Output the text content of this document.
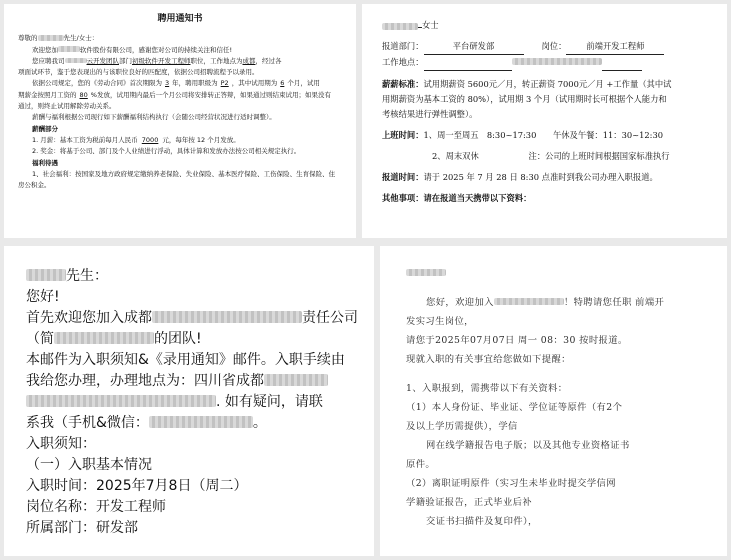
聘用通知书
尊敬的	先生/女士：
欢迎您加	软件股份有限公司，感谢您对公司的持续关注和信任!
您应聘我司	云开发团队部门初级软件开发工程师职位，工作地点为成都，经过各
项面试环节，鉴于您表现出的与该职位良好的匹配度，依据公司招聘流程予以录用。
依据公司规定，您的《劳动合同》首次期限为 3 年，聘用职级为 P2 ，其中试用期为 6 个月，试用
期薪金按照月工资的 80 %发放，试用期内最后一个月公司将安排转正答辩，如果通过则结束试用；如果没有
通过，则终止试用解除劳动关系。
薪酬与福利根据公司现行如下薪酬福利结构执行（会随公司经营状况进行适时调整）。
薪酬部分
1. 月薪：基本工资为税前每月人民币 7000 元，每年按 12 个月发放。
2. 奖金：将基于公司、部门及个人业绩进行浮动，具体计算和发放办法按公司相关规定执行。
福利待遇
1、社会福利：按国家及地方政府规定缴纳养老保险、失业保险、基本医疗保险、工伤保险、生育保险、住
房公积金。
女士
报道部门：	平台研发部	岗位： 前端开发工程师
工作地点：
薪薪标准：试用期薪资 5600元／月，转正薪资 7000元／月 +工作量（其中试
用期薪资为基本工资的 80%），试用期 3 个月（试用期时长可根据个人能力和
考核结果进行弹性调整）。
上班时间：1、周一至周五　8:30~17:30　　午休及午餐：11：30~12:30
2、周末双休　　　　　　注：公司的上班时间根据国家标准执行
报道时间：请于 2025 年 7 月 28 日 8:30 点准时到我公司办理入职报道。
其他事项：请在报道当天携带以下资料：
先生：
您好!
首先欢迎您加入成都	责任公司
（简	的团队!
本邮件为入职须知&《录用通知》邮件。入职手续由
我给您办理，办理地点为：四川省成都
. 如有疑问，请联
系我（手机&微信：	。
入职须知：
（一）入职基本情况
入职时间：2025年7月8日（周二）
岗位名称：开发工程师
所属部门：研发部
您好，欢迎加入	！特聘请您任职 前端开
发实习生岗位，
请您于2025年07月07日 周一 08：30 按时报道。
现就入职的有关事宜给您做如下提醒：
1、入职报到，需携带以下有关资料：
（1）本人身份证、毕业证、学位证等原件（有2个
及以上学历需提供），学信
网在线学籍报告电子版；以及其他专业资格证书
原件。
（2）离职证明原件（实习生未毕业时提交学信网
学籍验证报告，正式毕业后补
交证书扫描件及复印件），
